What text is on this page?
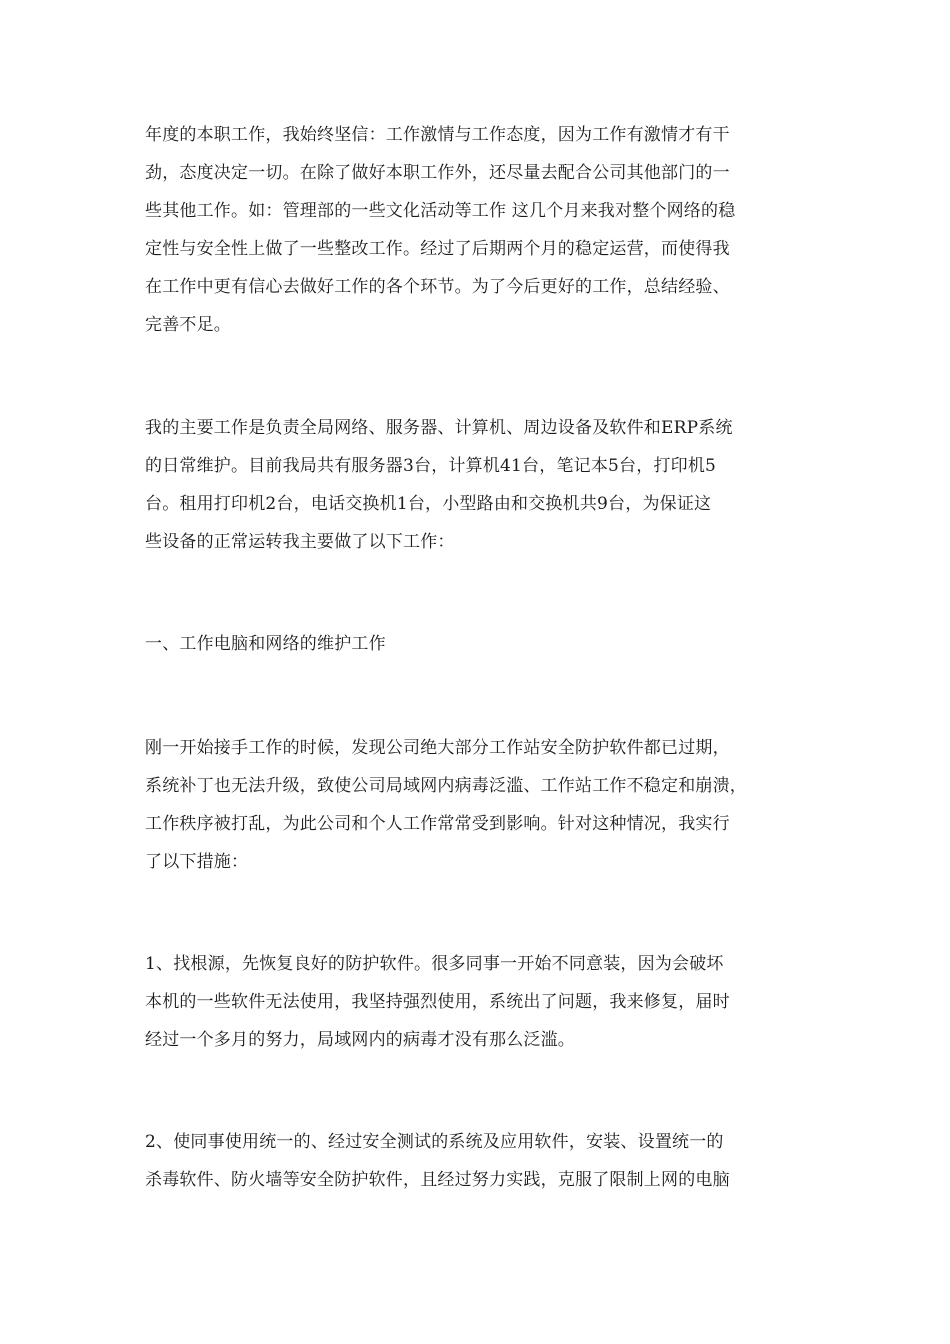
年度的本职工作，我始终坚信：工作激情与工作态度，因为工作有激情才有干
劲，态度决定一切。在除了做好本职工作外，还尽量去配合公司其他部门的一
些其他工作。如：管理部的一些文化活动等工作 这几个月来我对整个网络的稳
定性与安全性上做了一些整改工作。经过了后期两个月的稳定运营，而使得我
在工作中更有信心去做好工作的各个环节。为了今后更好的工作，总结经验、
完善不足。
我的主要工作是负责全局网络、服务器、计算机、周边设备及软件和ERP系统
的日常维护。目前我局共有服务器3台，计算机41台，笔记本5台，打印机5
台。租用打印机2台，电话交换机1台，小型路由和交换机共9台，为保证这
些设备的正常运转我主要做了以下工作：
一、工作电脑和网络的维护工作
刚一开始接手工作的时候，发现公司绝大部分工作站安全防护软件都已过期，
系统补丁也无法升级，致使公司局域网内病毒泛滥、工作站工作不稳定和崩溃，
工作秩序被打乱，为此公司和个人工作常常受到影响。针对这种情况，我实行
了以下措施：
1、找根源，先恢复良好的防护软件。很多同事一开始不同意装，因为会破坏
本机的一些软件无法使用，我坚持强烈使用，系统出了问题，我来修复，届时
经过一个多月的努力，局域网内的病毒才没有那么泛滥。
2、使同事使用统一的、经过安全测试的系统及应用软件，安装、设置统一的
杀毒软件、防火墙等安全防护软件，且经过努力实践，克服了限制上网的电脑
